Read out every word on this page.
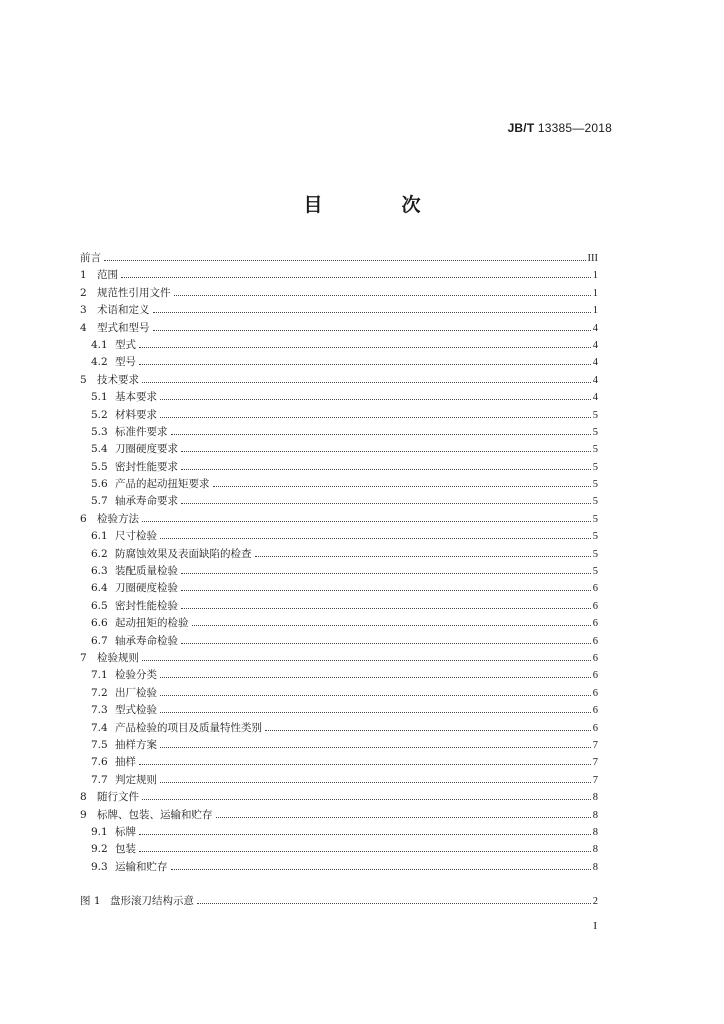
JB/T 13385—2018
目　次
前言	III
1 范围	1
2 规范性引用文件	1
3 术语和定义	1
4 型式和型号	4
4.1 型式	4
4.2 型号	4
5 技术要求	4
5.1 基本要求	4
5.2 材料要求	5
5.3 标准件要求	5
5.4 刀圈硬度要求	5
5.5 密封性能要求	5
5.6 产品的起动扭矩要求	5
5.7 轴承寿命要求	5
6 检验方法	5
6.1 尺寸检验	5
6.2 防腐蚀效果及表面缺陷的检查	5
6.3 装配质量检验	5
6.4 刀圈硬度检验	6
6.5 密封性能检验	6
6.6 起动扭矩的检验	6
6.7 轴承寿命检验	6
7 检验规则	6
7.1 检验分类	6
7.2 出厂检验	6
7.3 型式检验	6
7.4 产品检验的项目及质量特性类别	6
7.5 抽样方案	7
7.6 抽样	7
7.7 判定规则	7
8 随行文件	8
9 标牌、包装、运输和贮存	8
9.1 标牌	8
9.2 包装	8
9.3 运输和贮存	8
图 1 盘形滚刀结构示意	2
I
